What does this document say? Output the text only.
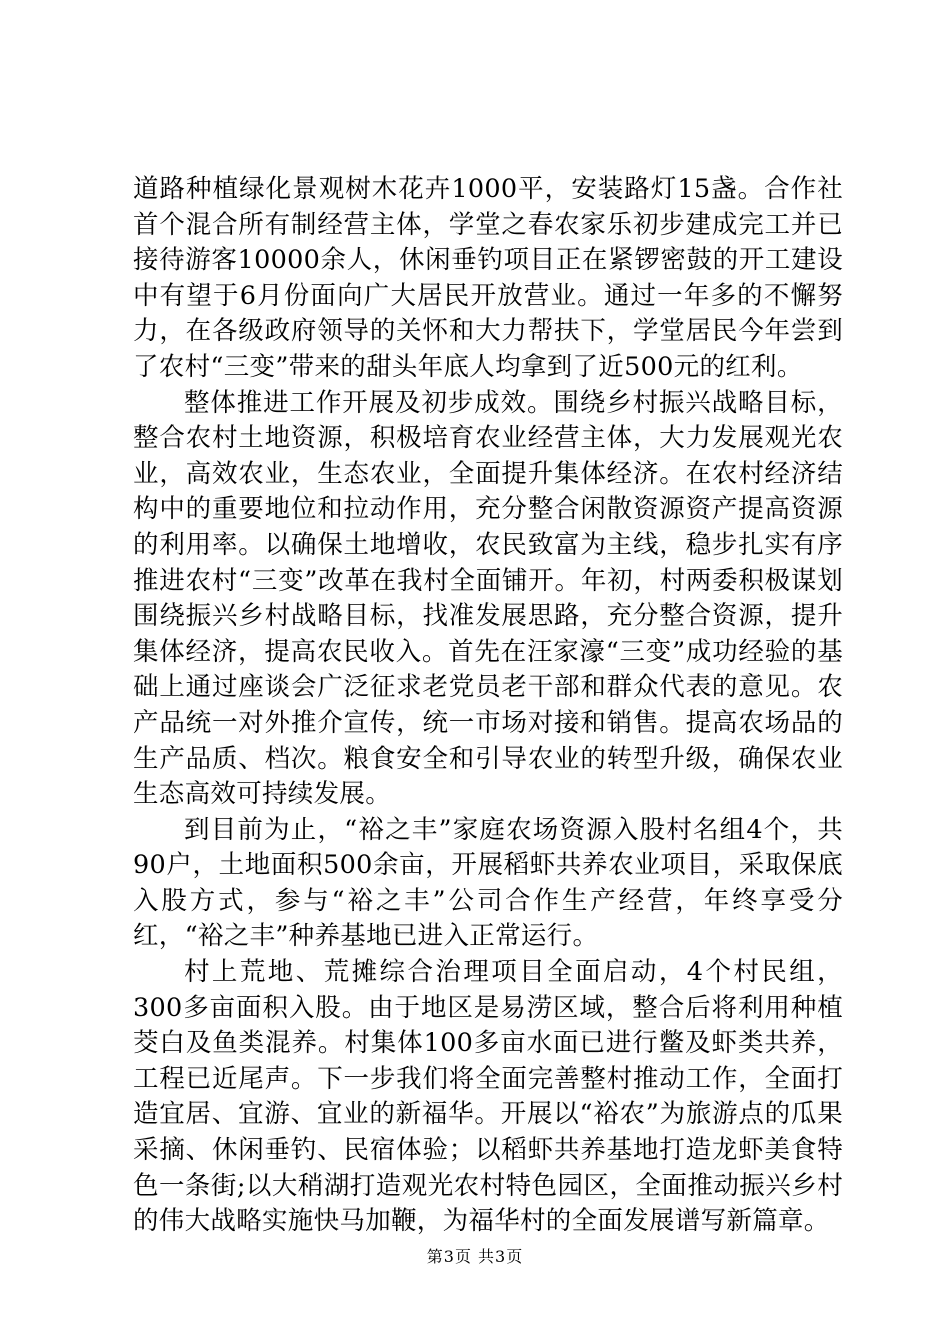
道路种植绿化景观树木花卉1000平，安装路灯15盏。合作社首个混合所有制经营主体，学堂之春农家乐初步建成完工并已接待游客10000余人，休闲垂钓项目正在紧锣密鼓的开工建设中有望于6月份面向广大居民开放营业。通过一年多的不懈努力，在各级政府领导的关怀和大力帮扶下，学堂居民今年尝到了农村“三变”带来的甜头年底人均拿到了近500元的红利。

整体推进工作开展及初步成效。围绕乡村振兴战略目标，整合农村土地资源，积极培育农业经营主体，大力发展观光农业，高效农业，生态农业，全面提升集体经济。在农村经济结构中的重要地位和拉动作用，充分整合闲散资源资产提高资源的利用率。以确保土地增收，农民致富为主线，稳步扎实有序推进农村“三变”改革在我村全面铺开。年初，村两委积极谋划围绕振兴乡村战略目标，找准发展思路，充分整合资源，提升集体经济，提高农民收入。首先在汪家濠“三变”成功经验的基础上通过座谈会广泛征求老党员老干部和群众代表的意见。农产品统一对外推介宣传，统一市场对接和销售。提高农场品的生产品质、档次。粮食安全和引导农业的转型升级，确保农业生态高效可持续发展。

到目前为止，“裕之丰”家庭农场资源入股村名组4个，共90户，土地面积500余亩，开展稻虾共养农业项目，采取保底入股方式，参与“裕之丰”公司合作生产经营，年终享受分红，“裕之丰”种养基地已进入正常运行。

村上荒地、荒摊综合治理项目全面启动，4个村民组，300多亩面积入股。由于地区是易涝区域，整合后将利用种植茭白及鱼类混养。村集体100多亩水面已进行鳖及虾类共养，工程已近尾声。下一步我们将全面完善整村推动工作，全面打造宜居、宜游、宜业的新福华。开展以“裕农”为旅游点的瓜果采摘、休闲垂钓、民宿体验；以稻虾共养基地打造龙虾美食特色一条街;以大稍湖打造观光农村特色园区，全面推动振兴乡村的伟大战略实施快马加鞭，为福华村的全面发展谱写新篇章。

第3页 共3页
